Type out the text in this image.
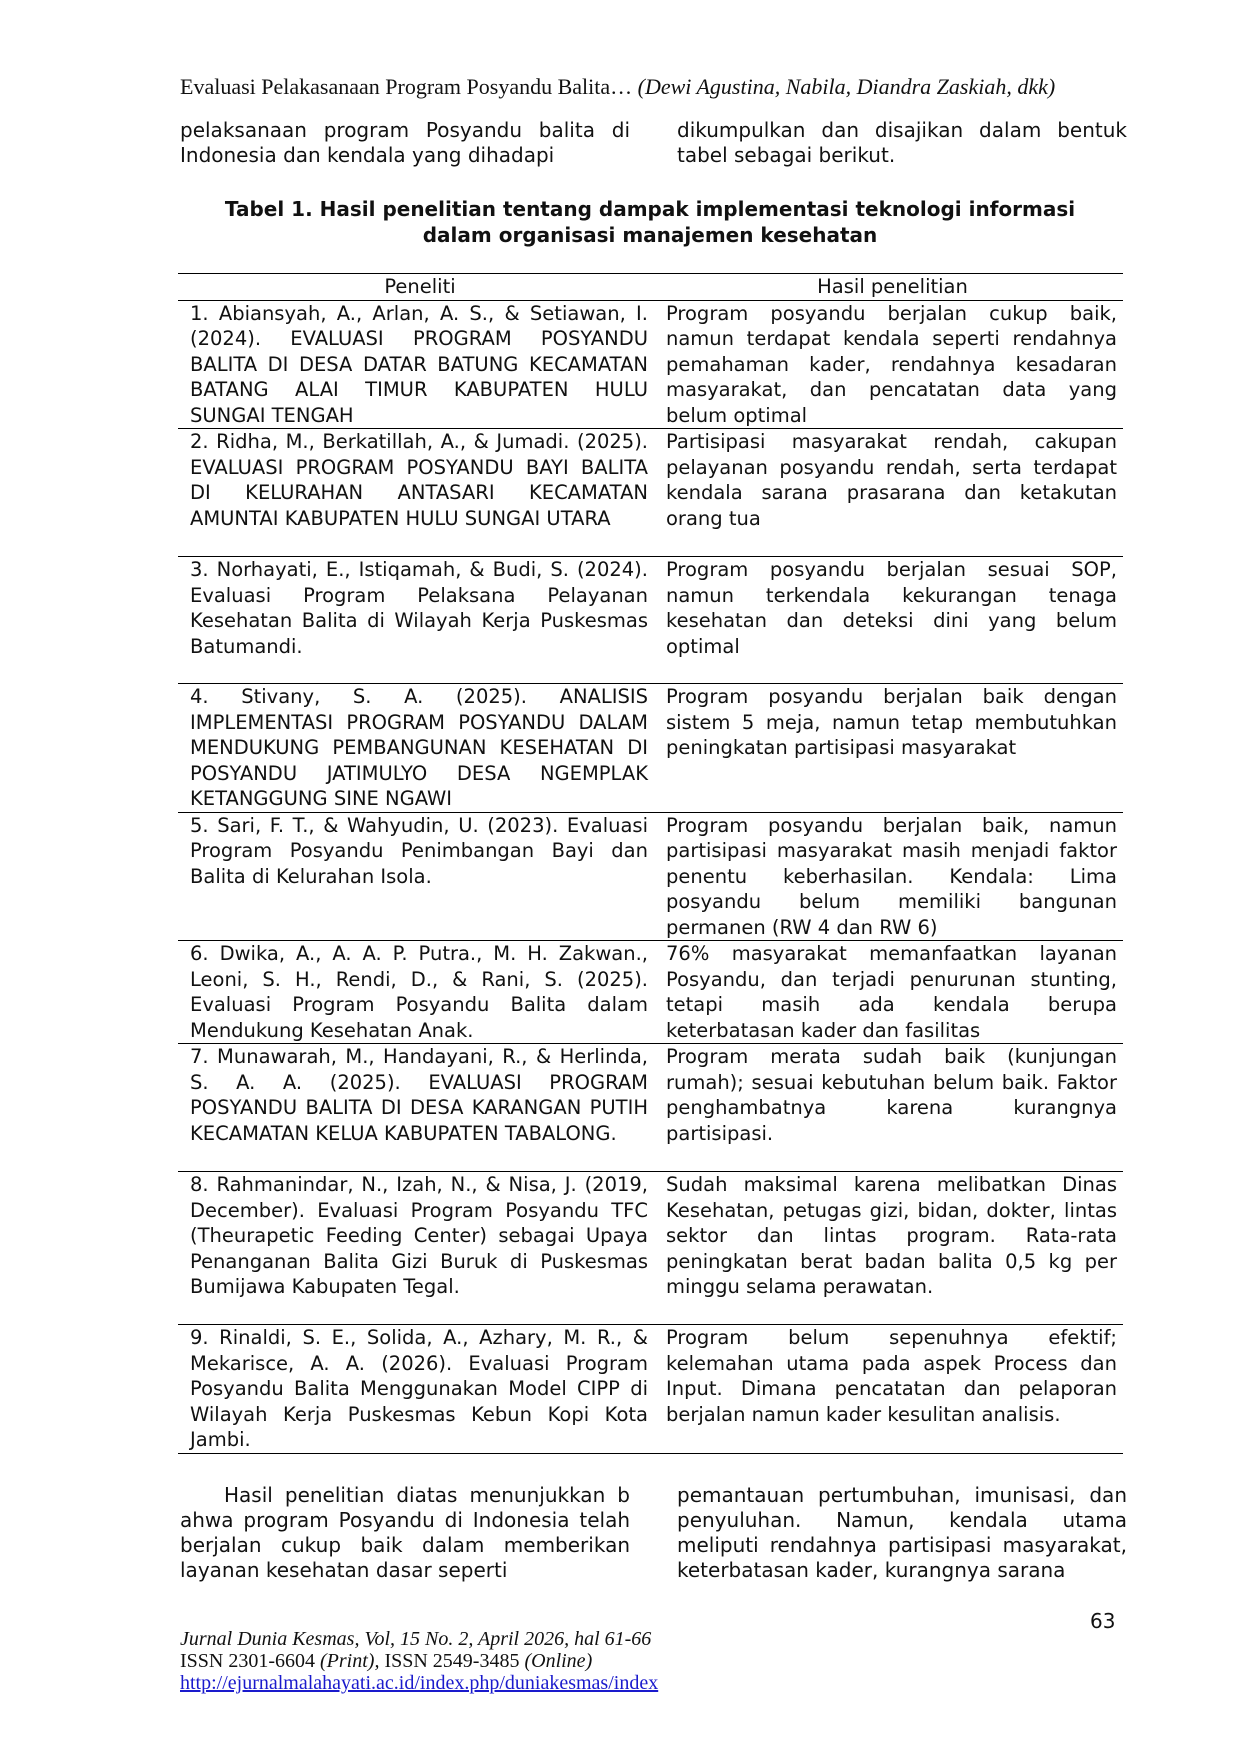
Evaluasi Pelakasanaan Program Posyandu Balita… (Dewi Agustina, Nabila, Diandra Zaskiah, dkk)

pelaksanaan program Posyandu balita di Indonesia dan kendala yang dihadapi

dikumpulkan dan disajikan dalam bentuk tabel sebagai berikut.

Tabel 1. Hasil penelitian tentang dampak implementasi teknologi informasi
dalam organisasi manajemen kesehatan
Peneliti	Hasil penelitian
1. Abiansyah, A., Arlan, A. S., & Setiawan, I. (2024). EVALUASI PROGRAM POSYANDU BALITA DI DESA DATAR BATUNG KECAMATAN BATANG ALAI TIMUR KABUPATEN HULU SUNGAI TENGAH	Program posyandu berjalan cukup baik, namun terdapat kendala seperti rendahnya pemahaman kader, rendahnya kesadaran masyarakat, dan pencatatan data yang belum optimal
2. Ridha, M., Berkatillah, A., & Jumadi. (2025). EVALUASI PROGRAM POSYANDU BAYI BALITA DI KELURAHAN ANTASARI KECAMATAN AMUNTAI KABUPATEN HULU SUNGAI UTARA	Partisipasi masyarakat rendah, cakupan pelayanan posyandu rendah, serta terdapat kendala sarana prasarana dan ketakutan orang tua
3. Norhayati, E., Istiqamah, & Budi, S. (2024). Evaluasi Program Pelaksana Pelayanan Kesehatan Balita di Wilayah Kerja Puskesmas Batumandi.	Program posyandu berjalan sesuai SOP, namun terkendala kekurangan tenaga kesehatan dan deteksi dini yang belum optimal
4. Stivany, S. A. (2025). ANALISIS IMPLEMENTASI PROGRAM POSYANDU DALAM MENDUKUNG PEMBANGUNAN KESEHATAN DI POSYANDU JATIMULYO DESA NGEMPLAK KETANGGUNG SINE NGAWI	Program posyandu berjalan baik dengan sistem 5 meja, namun tetap membutuhkan peningkatan partisipasi masyarakat
5. Sari, F. T., & Wahyudin, U. (2023). Evaluasi Program Posyandu Penimbangan Bayi dan Balita di Kelurahan Isola.	Program posyandu berjalan baik, namun partisipasi masyarakat masih menjadi faktor penentu keberhasilan. Kendala: Lima posyandu belum memiliki bangunan permanen (RW 4 dan RW 6)
6. Dwika, A., A. A. P. Putra., M. H. Zakwan., Leoni, S. H., Rendi, D., & Rani, S. (2025). Evaluasi Program Posyandu Balita dalam Mendukung Kesehatan Anak.	76% masyarakat memanfaatkan layanan Posyandu, dan terjadi penurunan stunting, tetapi masih ada kendala berupa keterbatasan kader dan fasilitas
7. Munawarah, M., Handayani, R., & Herlinda, S. A. A. (2025). EVALUASI PROGRAM POSYANDU BALITA DI DESA KARANGAN PUTIH KECAMATAN KELUA KABUPATEN TABALONG.	Program merata sudah baik (kunjungan rumah); sesuai kebutuhan belum baik. Faktor penghambatnya karena kurangnya partisipasi.
8. Rahmanindar, N., Izah, N., & Nisa, J. (2019, December). Evaluasi Program Posyandu TFC (Theurapetic Feeding Center) sebagai Upaya Penanganan Balita Gizi Buruk di Puskesmas Bumijawa Kabupaten Tegal.	Sudah maksimal karena melibatkan Dinas Kesehatan, petugas gizi, bidan, dokter, lintas sektor dan lintas program. Rata-rata peningkatan berat badan balita 0,5 kg per minggu selama perawatan.
9. Rinaldi, S. E., Solida, A., Azhary, M. R., & Mekarisce, A. A. (2026). Evaluasi Program Posyandu Balita Menggunakan Model CIPP di Wilayah Kerja Puskesmas Kebun Kopi Kota Jambi.	Program belum sepenuhnya efektif; kelemahan utama pada aspek Process dan Input. Dimana pencatatan dan pelaporan berjalan namun kader kesulitan analisis.

Hasil penelitian diatas menunjukkan b ahwa program Posyandu di Indonesia telah berjalan cukup baik dalam memberikan layanan kesehatan dasar seperti

pemantauan pertumbuhan, imunisasi, dan penyuluhan. Namun, kendala utama meliputi rendahnya partisipasi masyarakat, keterbatasan kader, kurangnya sarana

63
Jurnal Dunia Kesmas, Vol, 15 No. 2, April 2026, hal 61-66
ISSN 2301-6604 (Print), ISSN 2549-3485 (Online)
http://ejurnalmalahayati.ac.id/index.php/duniakesmas/index
